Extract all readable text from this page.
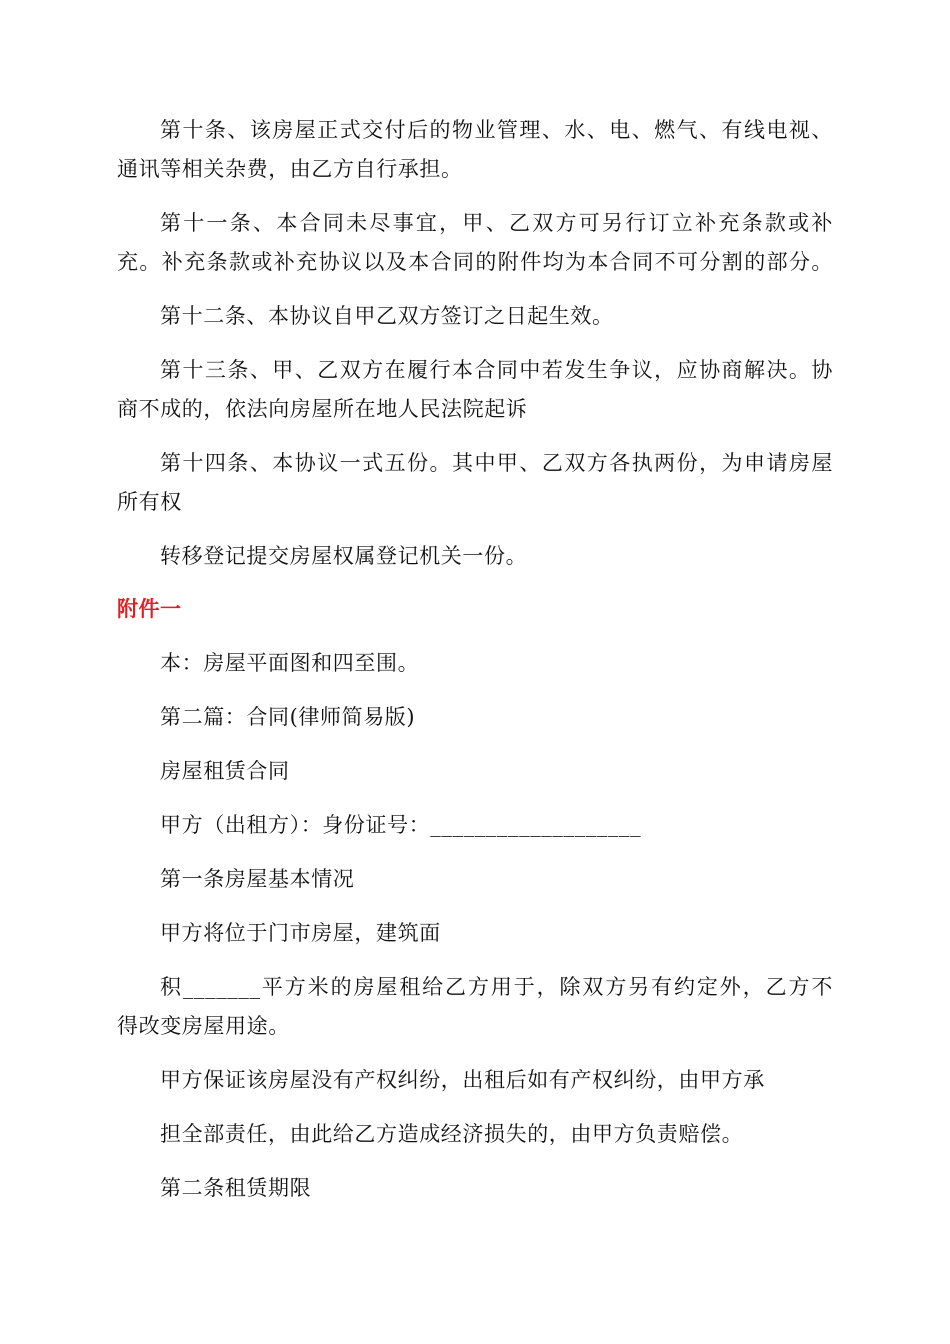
第十条、该房屋正式交付后的物业管理、水、电、燃气、有线电视、
通讯等相关杂费，由乙方自行承担。
第十一条、本合同未尽事宜，甲、乙双方可另行订立补充条款或补
充。补充条款或补充协议以及本合同的附件均为本合同不可分割的部分。
第十二条、本协议自甲乙双方签订之日起生效。
第十三条、甲、乙双方在履行本合同中若发生争议，应协商解决。协
商不成的，依法向房屋所在地人民法院起诉
第十四条、本协议一式五份。其中甲、乙双方各执两份，为申请房屋
所有权
转移登记提交房屋权属登记机关一份。
附件一
本：房屋平面图和四至围。
第二篇：合同(律师简易版)
房屋租赁合同
甲方（出租方）：身份证号：___________________
第一条房屋基本情况
甲方将位于门市房屋，建筑面
积_______平方米的房屋租给乙方用于，除双方另有约定外，乙方不
得改变房屋用途。
甲方保证该房屋没有产权纠纷，出租后如有产权纠纷，由甲方承
担全部责任，由此给乙方造成经济损失的，由甲方负责赔偿。
第二条租赁期限
